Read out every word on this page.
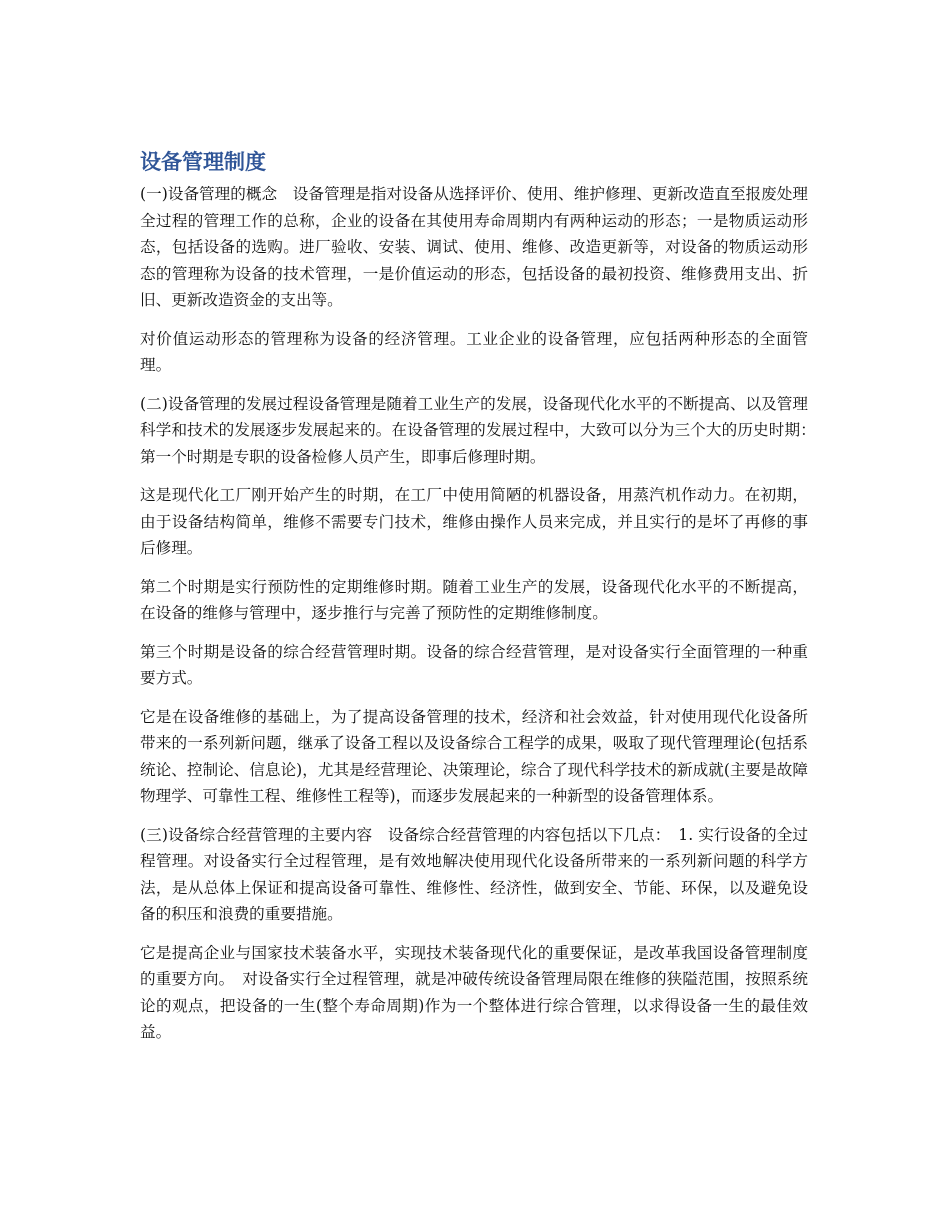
设备管理制度

(一)设备管理的概念　设备管理是指对设备从选择评价、使用、维护修理、更新改造直至报废处理全过程的管理工作的总称，企业的设备在其使用寿命周期内有两种运动的形态；一是物质运动形态，包括设备的选购。进厂验收、安装、调试、使用、维修、改造更新等，对设备的物质运动形态的管理称为设备的技术管理，一是价值运动的形态，包括设备的最初投资、维修费用支出、折旧、更新改造资金的支出等。

对价值运动形态的管理称为设备的经济管理。工业企业的设备管理，应包括两种形态的全面管理。

(二)设备管理的发展过程设备管理是随着工业生产的发展，设备现代化水平的不断提高、以及管理科学和技术的发展逐步发展起来的。在设备管理的发展过程中，大致可以分为三个大的历史时期：　第一个时期是专职的设备检修人员产生，即事后修理时期。

这是现代化工厂刚开始产生的时期，在工厂中使用简陋的机器设备，用蒸汽机作动力。在初期，由于设备结构简单，维修不需要专门技术，维修由操作人员来完成，并且实行的是坏了再修的事后修理。

第二个时期是实行预防性的定期维修时期。随着工业生产的发展，设备现代化水平的不断提高，在设备的维修与管理中，逐步推行与完善了预防性的定期维修制度。

第三个时期是设备的综合经营管理时期。设备的综合经营管理，是对设备实行全面管理的一种重要方式。

它是在设备维修的基础上，为了提高设备管理的技术，经济和社会效益，针对使用现代化设备所带来的一系列新问题，继承了设备工程以及设备综合工程学的成果，吸取了现代管理理论(包括系统论、控制论、信息论)，尤其是经营理论、决策理论，综合了现代科学技术的新成就(主要是故障物理学、可靠性工程、维修性工程等)，而逐步发展起来的一种新型的设备管理体系。

(三)设备综合经营管理的主要内容　设备综合经营管理的内容包括以下几点：　1. 实行设备的全过程管理。对设备实行全过程管理，是有效地解决使用现代化设备所带来的一系列新问题的科学方法，是从总体上保证和提高设备可靠性、维修性、经济性，做到安全、节能、环保，以及避免设备的积压和浪费的重要措施。

它是提高企业与国家技术装备水平，实现技术装备现代化的重要保证，是改革我国设备管理制度的重要方向。　对设备实行全过程管理，就是冲破传统设备管理局限在维修的狭隘范围，按照系统论的观点，把设备的一生(整个寿命周期)作为一个整体进行综合管理，以求得设备一生的最佳效益。
